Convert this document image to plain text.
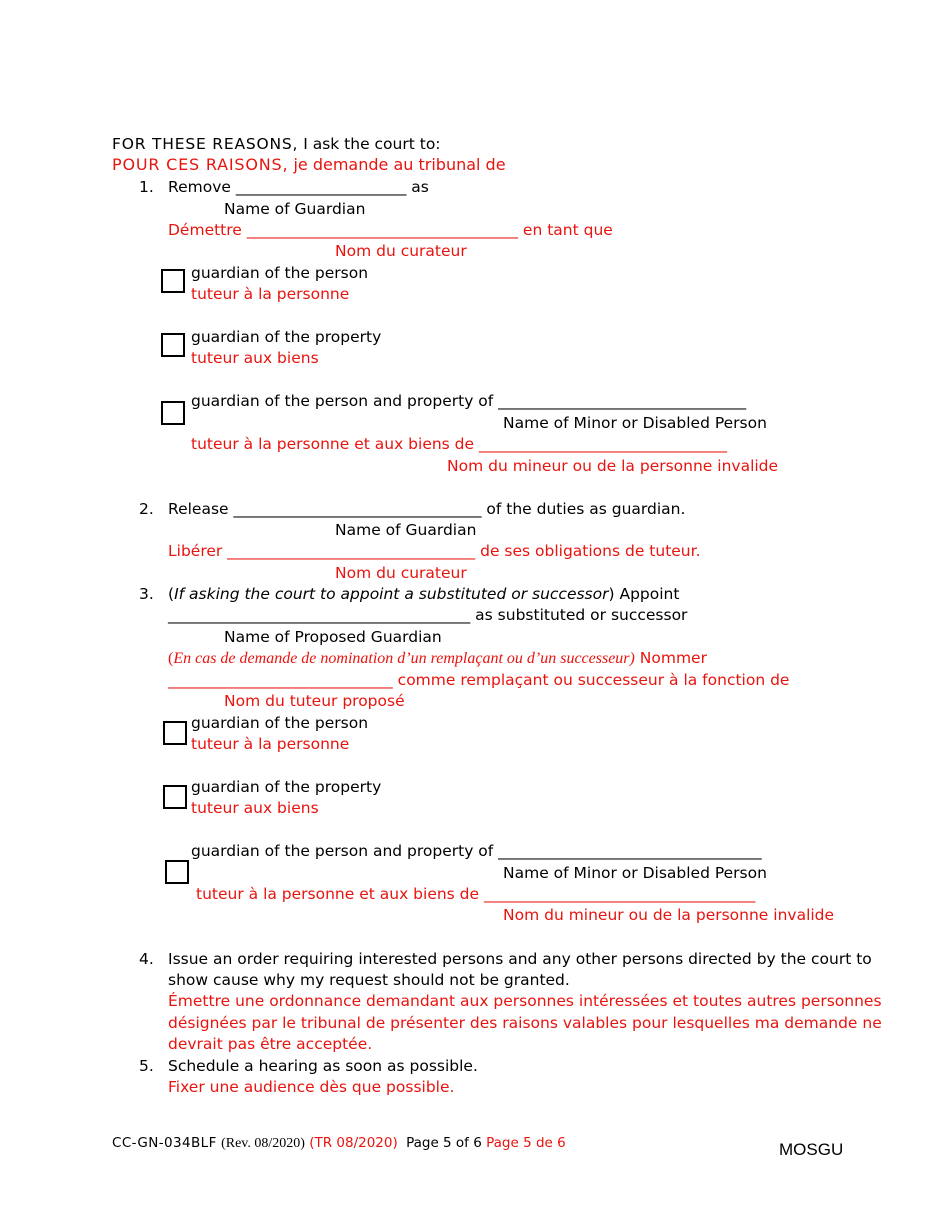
FOR THESE REASONS, I ask the court to:
POUR CES RAISONS, je demande au tribunal de
1. Remove ______________________ as
Name of Guardian
Démettre ___________________________________ en tant que
Nom du curateur
guardian of the person
tuteur à la personne
guardian of the property
tuteur aux biens
guardian of the person and property of ________________________________
Name of Minor or Disabled Person
tuteur à la personne et aux biens de ________________________________
Nom du mineur ou de la personne invalide
2. Release ________________________________ of the duties as guardian.
Name of Guardian
Libérer ________________________________ de ses obligations de tuteur.
Nom du curateur
3. (If asking the court to appoint a substituted or successor) Appoint
_______________________________________ as substituted or successor
Name of Proposed Guardian
(En cas de demande de nomination d’un remplaçant ou d’un successeur) Nommer
_____________________________ comme remplaçant ou successeur à la fonction de
Nom du tuteur proposé
guardian of the person
tuteur à la personne
guardian of the property
tuteur aux biens
guardian of the person and property of __________________________________
Name of Minor or Disabled Person
tuteur à la personne et aux biens de ___________________________________
Nom du mineur ou de la personne invalide
4. Issue an order requiring interested persons and any other persons directed by the court to
show cause why my request should not be granted.
Émettre une ordonnance demandant aux personnes intéressées et toutes autres personnes
désignées par le tribunal de présenter des raisons valables pour lesquelles ma demande ne
devrait pas être acceptée.
5. Schedule a hearing as soon as possible.
Fixer une audience dès que possible.
CC-GN-034BLF (Rev. 08/2020) (TR 08/2020) Page 5 of 6 Page 5 de 6	MOSGU
